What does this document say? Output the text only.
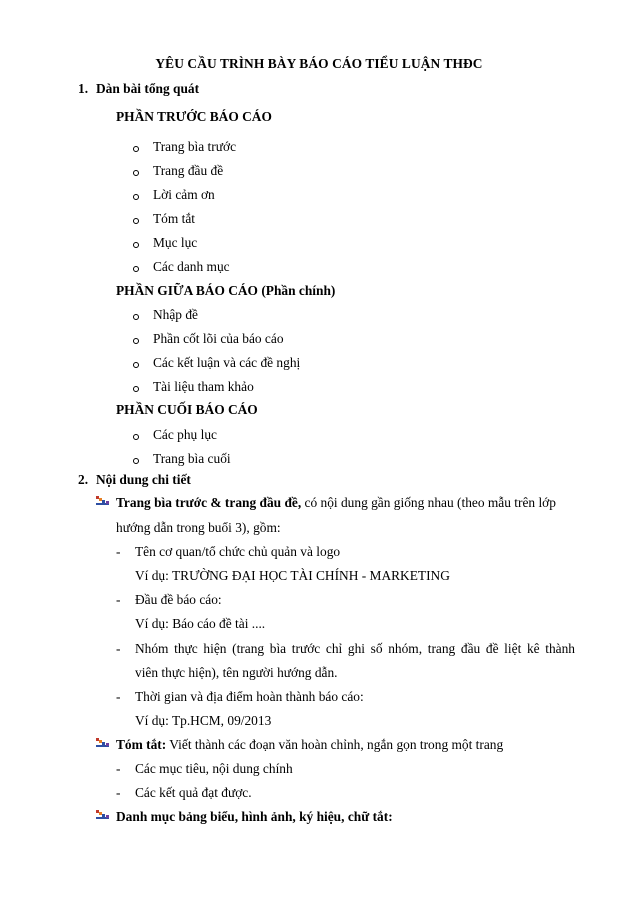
YÊU CẦU TRÌNH BÀY BÁO CÁO TIỂU LUẬN THĐC
1. Dàn bài tổng quát
PHẦN TRƯỚC BÁO CÁO
Trang bìa trước
Trang đầu đề
Lời cảm ơn
Tóm tắt
Mục lục
Các danh mục
PHẦN GIỮA BÁO CÁO (Phần chính)
Nhập đề
Phần cốt lõi của báo cáo
Các kết luận và các đề nghị
Tài liệu tham khảo
PHẦN CUỐI BÁO CÁO
Các phụ lục
Trang bìa cuối
2. Nội dung chi tiết
Trang bìa trước & trang đầu đề, có nội dung gần giống nhau (theo mẫu trên lớp
hướng dẫn trong buổi 3), gồm:
- Tên cơ quan/tổ chức chủ quản và logo
Ví dụ: TRƯỜNG ĐẠI HỌC TÀI CHÍNH - MARKETING
- Đầu đề báo cáo:
Ví dụ: Báo cáo đề tài ....
- Nhóm thực hiện (trang bìa trước chỉ ghi số nhóm, trang đầu đề liệt kê thành
viên thực hiện), tên người hướng dẫn.
- Thời gian và địa điểm hoàn thành báo cáo:
Ví dụ: Tp.HCM, 09/2013
Tóm tắt: Viết thành các đoạn văn hoàn chỉnh, ngắn gọn trong một trang
- Các mục tiêu, nội dung chính
- Các kết quả đạt được.
Danh mục bảng biểu, hình ảnh, ký hiệu, chữ tắt:
